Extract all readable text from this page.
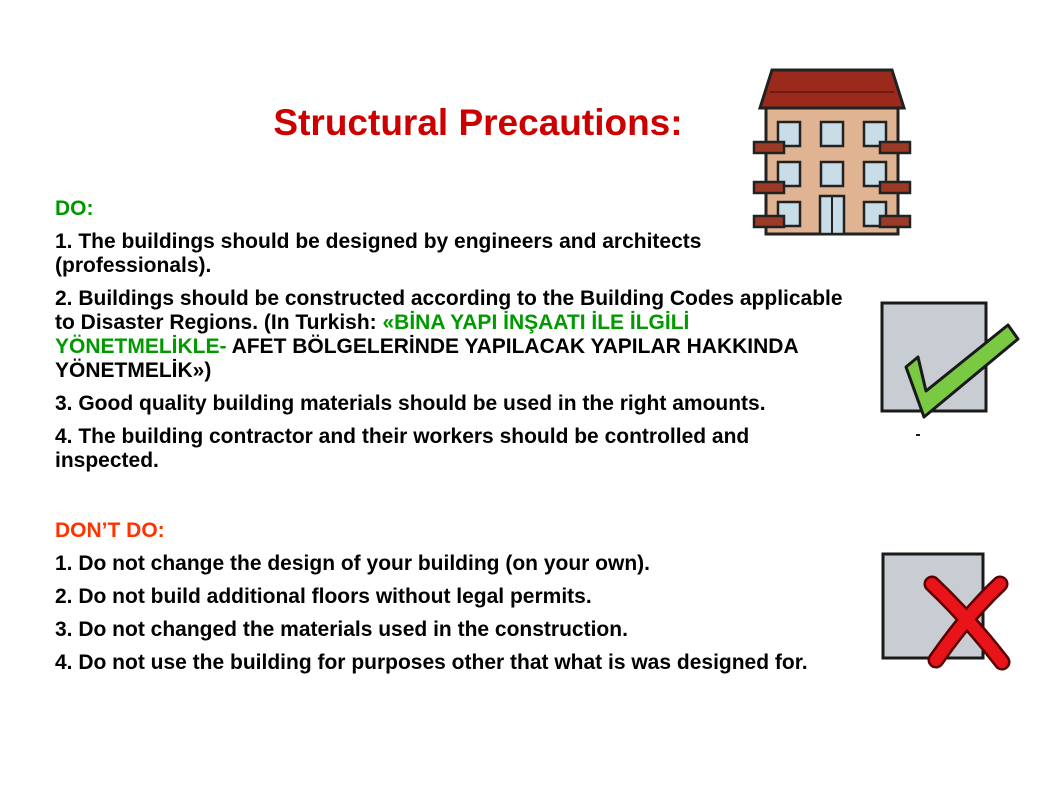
Structural Precautions:

DO:

1. The buildings should be designed by engineers and architects (professionals).

2. Buildings should be constructed according to the Building Codes applicable to Disaster Regions. (In Turkish: «BİNA YAPI İNŞAATI İLE İLGİLİ YÖNETMELİKLE- AFET BÖLGELERİNDE YAPILACAK YAPILAR HAKKINDA YÖNETMELİK»)

3. Good quality building materials should be used in the right amounts.

4. The building contractor and their workers should be controlled and inspected.

DON’T DO:

1. Do not change the design of your building (on your own).

2. Do not build additional floors without legal permits.

3. Do not changed the materials used in the construction.

4. Do not use the building for purposes other that what is was designed for.
